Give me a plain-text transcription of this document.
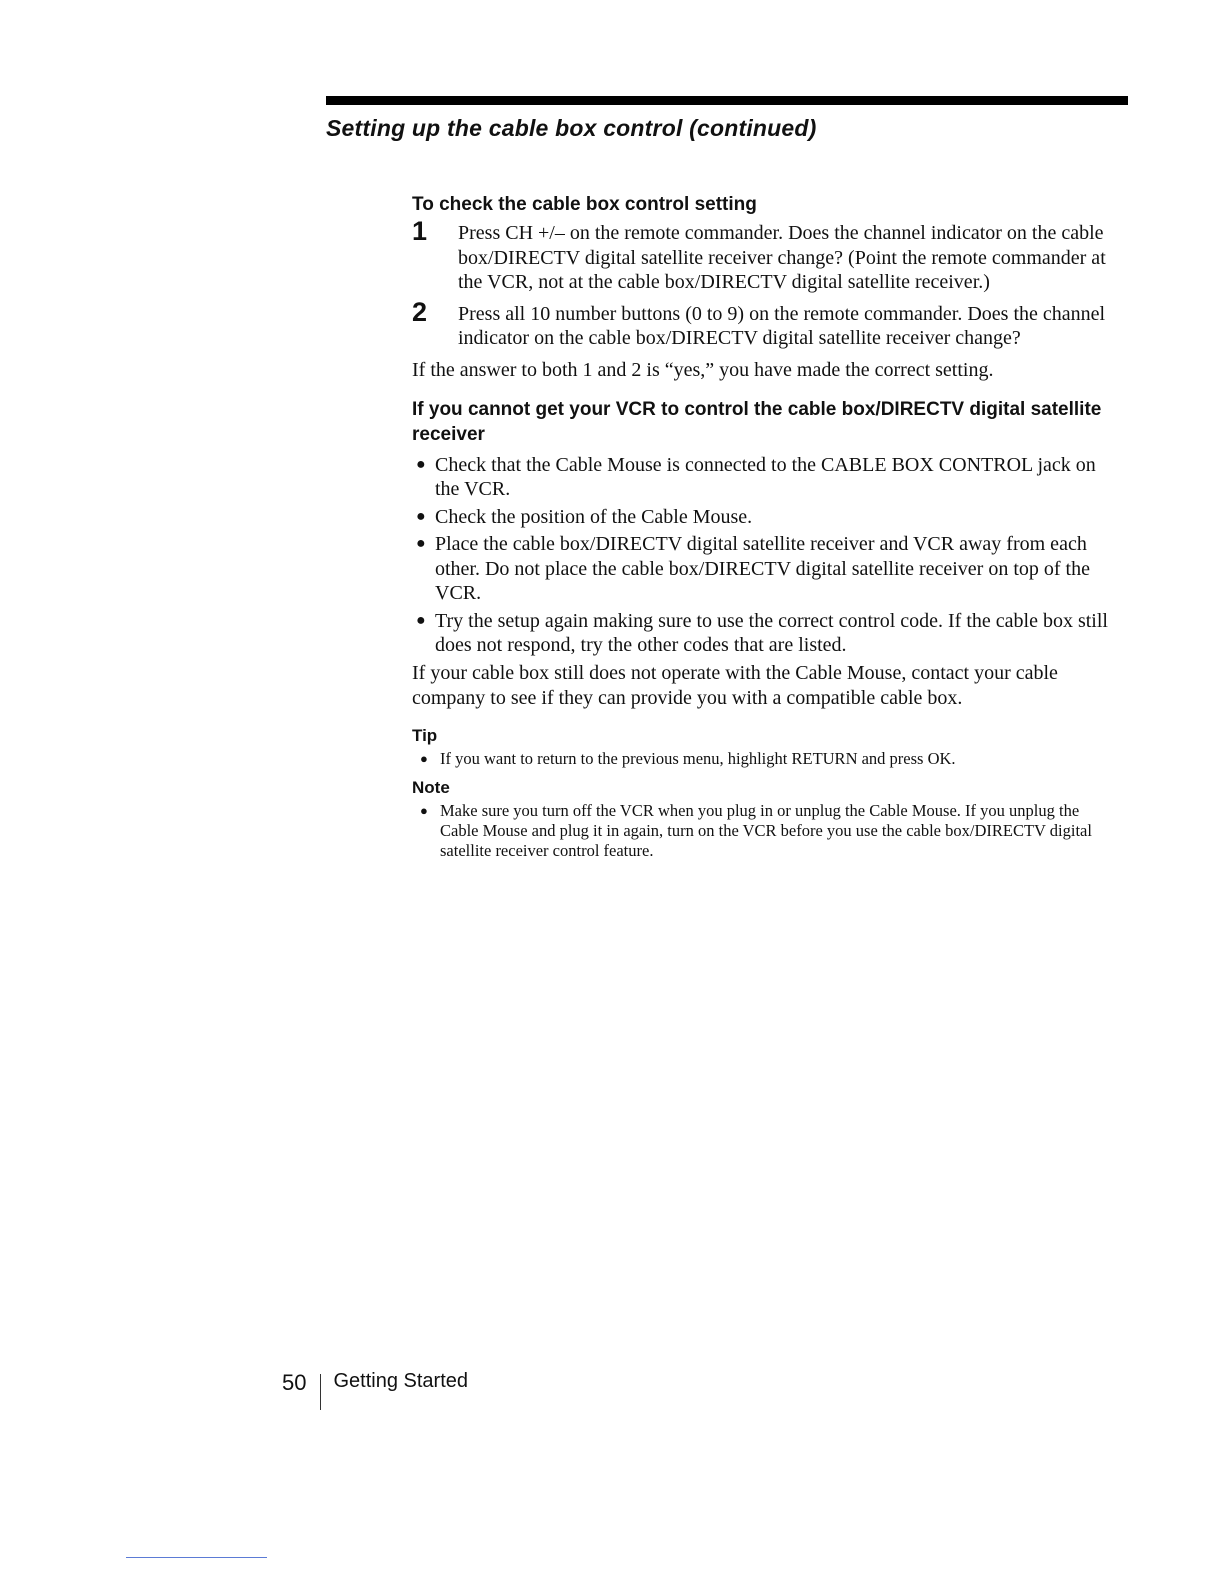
Setting up the cable box control (continued)
To check the cable box control setting
1 Press CH +/– on the remote commander. Does the channel indicator on the cable box/DIRECTV digital satellite receiver change? (Point the remote commander at the VCR, not at the cable box/DIRECTV digital satellite receiver.)
2 Press all 10 number buttons (0 to 9) on the remote commander. Does the channel indicator on the cable box/DIRECTV digital satellite receiver change?

If the answer to both 1 and 2 is “yes,” you have made the correct setting.

If you cannot get your VCR to control the cable box/DIRECTV digital satellite receiver
● Check that the Cable Mouse is connected to the CABLE BOX CONTROL jack on the VCR.
● Check the position of the Cable Mouse.
● Place the cable box/DIRECTV digital satellite receiver and VCR away from each other. Do not place the cable box/DIRECTV digital satellite receiver on top of the VCR.
● Try the setup again making sure to use the correct control code. If the cable box still does not respond, try the other codes that are listed.

If your cable box still does not operate with the Cable Mouse, contact your cable company to see if they can provide you with a compatible cable box.

Tip
● If you want to return to the previous menu, highlight RETURN and press OK.
Note
● Make sure you turn off the VCR when you plug in or unplug the Cable Mouse. If you unplug the Cable Mouse and plug it in again, turn on the VCR before you use the cable box/DIRECTV digital satellite receiver control feature.
50 Getting Started
